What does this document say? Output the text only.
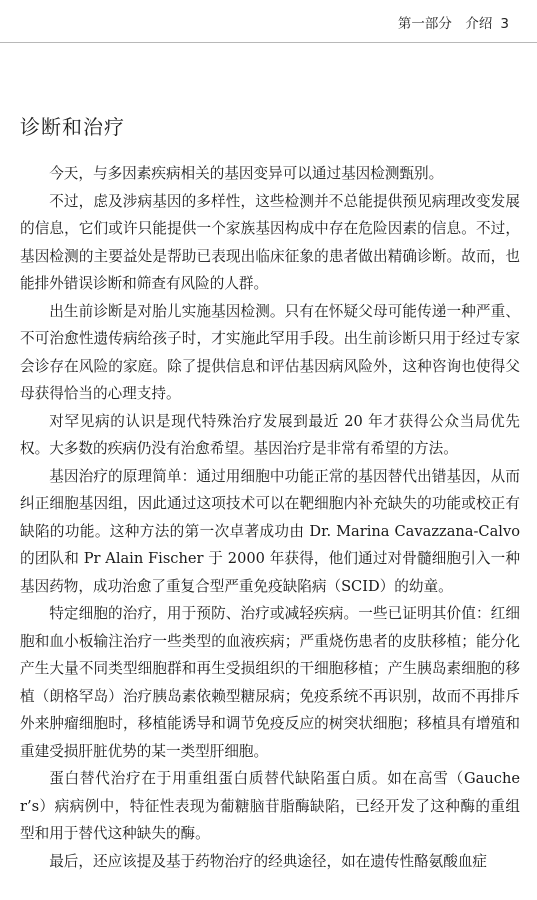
第一部分　介绍 3
诊断和治疗

今天，与多因素疾病相关的基因变异可以通过基因检测甄别。

不过，虑及涉病基因的多样性，这些检测并不总能提供预见病理改变发展的信息，它们或许只能提供一个家族基因构成中存在危险因素的信息。不过，基因检测的主要益处是帮助已表现出临床征象的患者做出精确诊断。故而，也能排外错误诊断和筛查有风险的人群。

出生前诊断是对胎儿实施基因检测。只有在怀疑父母可能传递一种严重、不可治愈性遗传病给孩子时，才实施此罕用手段。出生前诊断只用于经过专家会诊存在风险的家庭。除了提供信息和评估基因病风险外，这种咨询也使得父母获得恰当的心理支持。

对罕见病的认识是现代特殊治疗发展到最近 20 年才获得公众当局优先权。大多数的疾病仍没有治愈希望。基因治疗是非常有希望的方法。

基因治疗的原理简单：通过用细胞中功能正常的基因替代出错基因，从而纠正细胞基因组，因此通过这项技术可以在靶细胞内补充缺失的功能或校正有缺陷的功能。这种方法的第一次卓著成功由 Dr. Marina Cavazzana-Calvo 的团队和 Pr Alain Fischer 于 2000 年获得，他们通过对骨髓细胞引入一种基因药物，成功治愈了重复合型严重免疫缺陷病（SCID）的幼童。

特定细胞的治疗，用于预防、治疗或减轻疾病。一些已证明其价值：红细胞和血小板输注治疗一些类型的血液疾病；严重烧伤患者的皮肤移植；能分化产生大量不同类型细胞群和再生受损组织的干细胞移植；产生胰岛素细胞的移植（朗格罕岛）治疗胰岛素依赖型糖尿病；免疫系统不再识别，故而不再排斥外来肿瘤细胞时，移植能诱导和调节免疫反应的树突状细胞；移植具有增殖和重建受损肝脏优势的某一类型肝细胞。

蛋白替代治疗在于用重组蛋白质替代缺陷蛋白质。如在高雪（Gaucher’s）病病例中，特征性表现为葡糖脑苷脂酶缺陷，已经开发了这种酶的重组型和用于替代这种缺失的酶。

最后，还应该提及基于药物治疗的经典途径，如在遗传性酪氨酸血症
